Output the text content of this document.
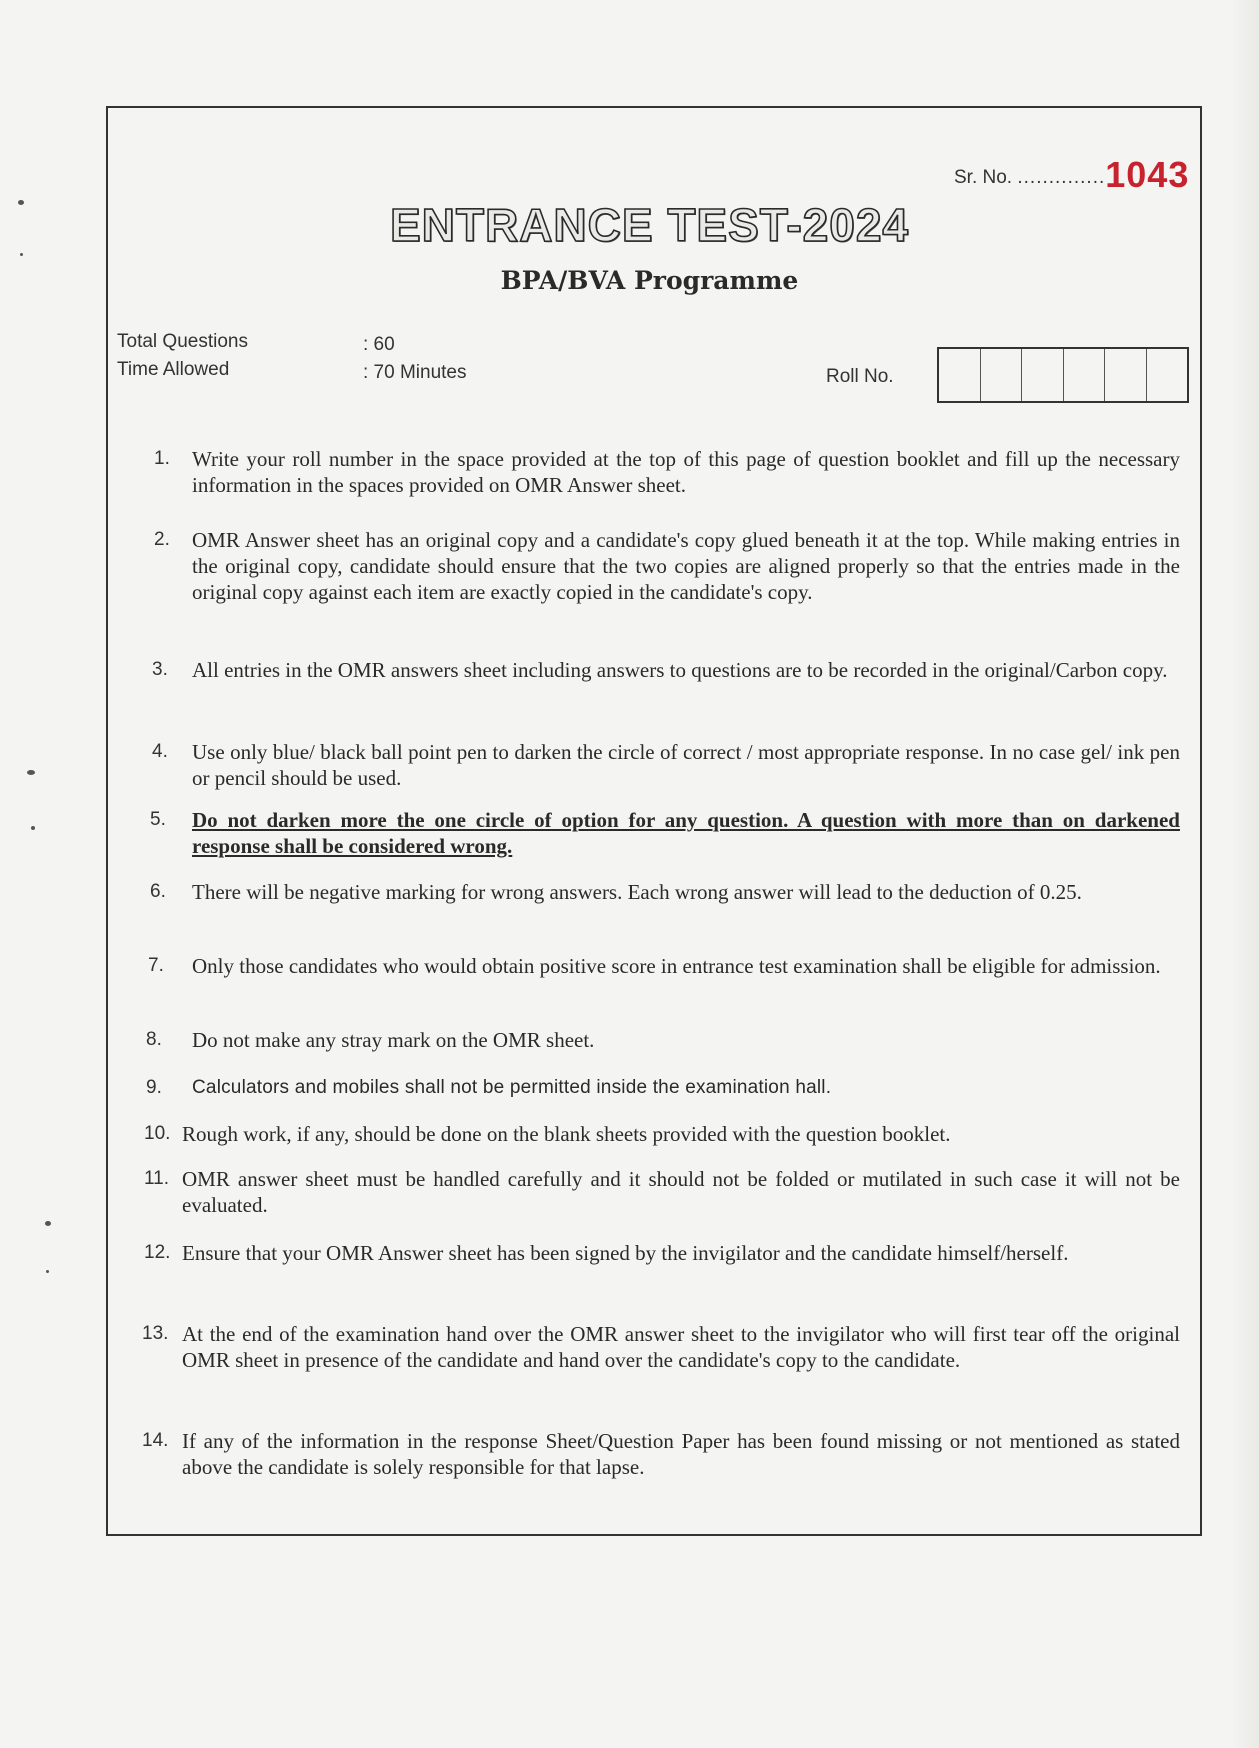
Sr. No. ..............1043
ENTRANCE TEST-2024
BPA/BVA Programme
Total Questions	: 60
Time Allowed	: 70 Minutes	Roll No.
1. Write your roll number in the space provided at the top of this page of question booklet and fill up the necessary information in the spaces provided on OMR Answer sheet.
2. OMR Answer sheet has an original copy and a candidate's copy glued beneath it at the top. While making entries in the original copy, candidate should ensure that the two copies are aligned properly so that the entries made in the original copy against each item are exactly copied in the candidate's copy.
3. All entries in the OMR answers sheet including answers to questions are to be recorded in the original/Carbon copy.
4. Use only blue/ black ball point pen to darken the circle of correct / most appropriate response. In no case gel/ ink pen or pencil should be used.
5. Do not darken more the one circle of option for any question. A question with more than on darkened response shall be considered wrong.
6. There will be negative marking for wrong answers. Each wrong answer will lead to the deduction of 0.25.
7. Only those candidates who would obtain positive score in entrance test examination shall be eligible for admission.
8. Do not make any stray mark on the OMR sheet.
9. Calculators and mobiles shall not be permitted inside the examination hall.
10. Rough work, if any, should be done on the blank sheets provided with the question booklet.
11. OMR answer sheet must be handled carefully and it should not be folded or mutilated in such case it will not be evaluated.
12. Ensure that your OMR Answer sheet has been signed by the invigilator and the candidate himself/herself.
13. At the end of the examination hand over the OMR answer sheet to the invigilator who will first tear off the original OMR sheet in presence of the candidate and hand over the candidate's copy to the candidate.
14. If any of the information in the response Sheet/Question Paper has been found missing or not mentioned as stated above the candidate is solely responsible for that lapse.
